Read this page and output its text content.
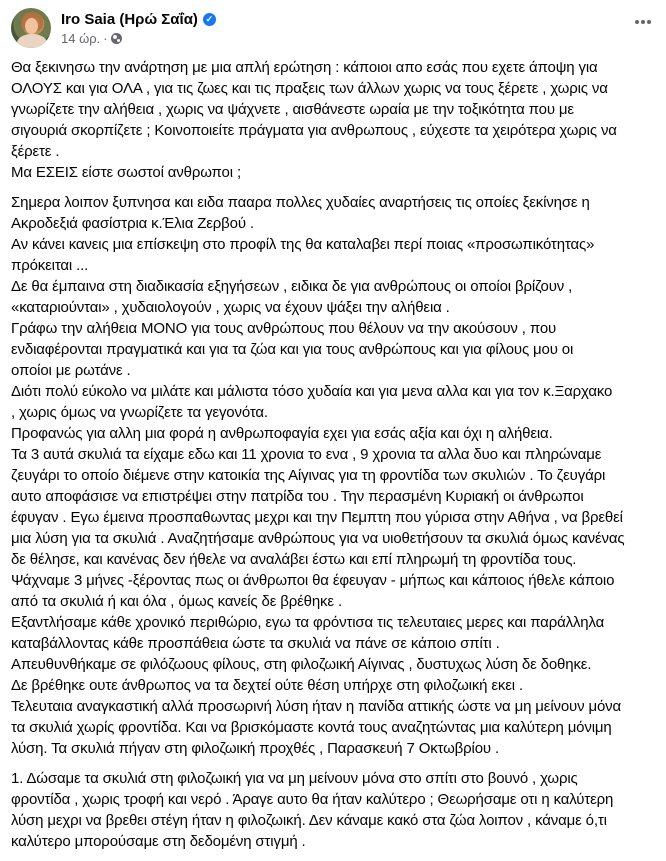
Iro Saia (Ηρώ Σαΐα) ✓
14 ώρ. ·
Θα ξεκινησω την ανάρτηση με μια απλή ερώτηση : κάποιοι απο εσάς που εχετε άποψη για
ΟΛΟΥΣ και για ΟΛΑ , για τις ζωες και τις πραξεις των άλλων χωρις να τους ξέρετε , χωρις να
γνωρίζετε την αλήθεια , χωρις να ψάχνετε , αισθάνεστε ωραία με την τοξικότητα που με
σιγουριά σκορπίζετε ; Κοινοποιείτε πράγματα για ανθρωπους , εύχεστε τα χειρότερα χωρις να
ξέρετε .
Μα ΕΣΕΙΣ είστε σωστοί ανθρωποι ;
Σημερα λοιπον ξυπνησα και ειδα πααρα πολλες χυδαίες αναρτήσεις τις οποίες ξεκίνησε η
Ακροδεξιά φασίστρια κ.Έλια Ζερβού .
Αν κάνει κανεις μια επίσκεψη στο προφίλ της θα καταλαβει περί ποιας «προσωπικότητας»
πρόκειται ...
Δε θα έμπαινα στη διαδικασία εξηγήσεων , ειδικα δε για ανθρώπους οι οποίοι βρίζουν ,
«καταριούνται» , χυδαιολογούν , χωρις να έχουν ψάξει την αλήθεια .
Γράφω την αλήθεια ΜΟΝΟ για τους ανθρώπους που θέλουν να την ακούσουν , που
ενδιαφέρονται πραγματικά και για τα ζώα και για τους ανθρώπους και για φίλους μου οι
οποίοι με ρωτάνε .
Διότι πολύ εύκολο να μιλάτε και μάλιστα τόσο χυδαία και για μενα αλλα και για τον κ.Ξαρχακο
, χωρις όμως να γνωρίζετε τα γεγονότα.
Προφανώς για αλλη μια φορά η ανθρωποφαγία εχει για εσάς αξία και όχι η αλήθεια.
Τα 3 αυτά σκυλιά τα είχαμε εδω και 11 χρονια το ενα , 9 χρονια τα αλλα δυο και πληρώναμε
ζευγάρι το οποίο διέμενε στην κατοικία της Αίγινας για τη φροντίδα των σκυλιών . Το ζευγάρι
αυτο αποφάσισε να επιστρέψει στην πατρίδα του . Την περασμένη Κυριακή οι άνθρωποι
έφυγαν . Εγω έμεινα προσπαθωντας μεχρι και την Πεμπτη που γύρισα στην Αθήνα , να βρεθεί
μια λύση για τα σκυλιά . Αναζητήσαμε ανθρώπους για να υιοθετήσουν τα σκυλιά όμως κανένας
δε θέλησε, και κανένας δεν ήθελε να αναλάβει έστω και επί πληρωμή τη φροντίδα τους.
Ψάχναμε 3 μήνες -ξέροντας πως οι άνθρωποι θα έφευγαν - μήπως και κάποιος ήθελε κάποιο
από τα σκυλιά ή και όλα , όμως κανείς δε βρέθηκε .
Εξαντλήσαμε κάθε χρονικό περιθώριο, εγω τα φρόντισα τις τελευταιες μερες και παράλληλα
καταβάλλοντας κάθε προσπάθεια ώστε τα σκυλιά να πάνε σε κάποιο σπίτι .
Απευθυνθήκαμε σε φιλόζωους φίλους, στη φιλοζωική Αίγινας , δυστυχως λύση δε δοθηκε.
Δε βρέθηκε ουτε άνθρωπος να τα δεχτεί ούτε θέση υπήρχε στη φιλοζωική εκει .
Τελευταια αναγκαστική αλλά προσωρινή λύση ήταν η πανίδα αττικής ώστε να μη μείνουν μόνα
τα σκυλιά χωρίς φροντίδα. Και να βρισκόμαστε κοντά τους αναζητώντας μια καλύτερη μόνιμη
λύση. Τα σκυλιά πήγαν στη φιλοζωική προχθές , Παρασκευή 7 Οκτωβρίου .
1. Δώσαμε τα σκυλιά στη φιλοζωική για να μη μείνουν μόνα στο σπίτι στο βουνό , χωρις
φροντίδα , χωρις τροφή και νερό . Άραγε αυτο θα ήταν καλύτερο ; Θεωρήσαμε οτι η καλύτερη
λύση μεχρι να βρεθει στέγη ήταν η φιλοζωική. Δεν κάναμε κακό στα ζώα λοιπον , κάναμε ό,τι
καλύτερο μπορούσαμε στη δεδομένη στιγμή .
